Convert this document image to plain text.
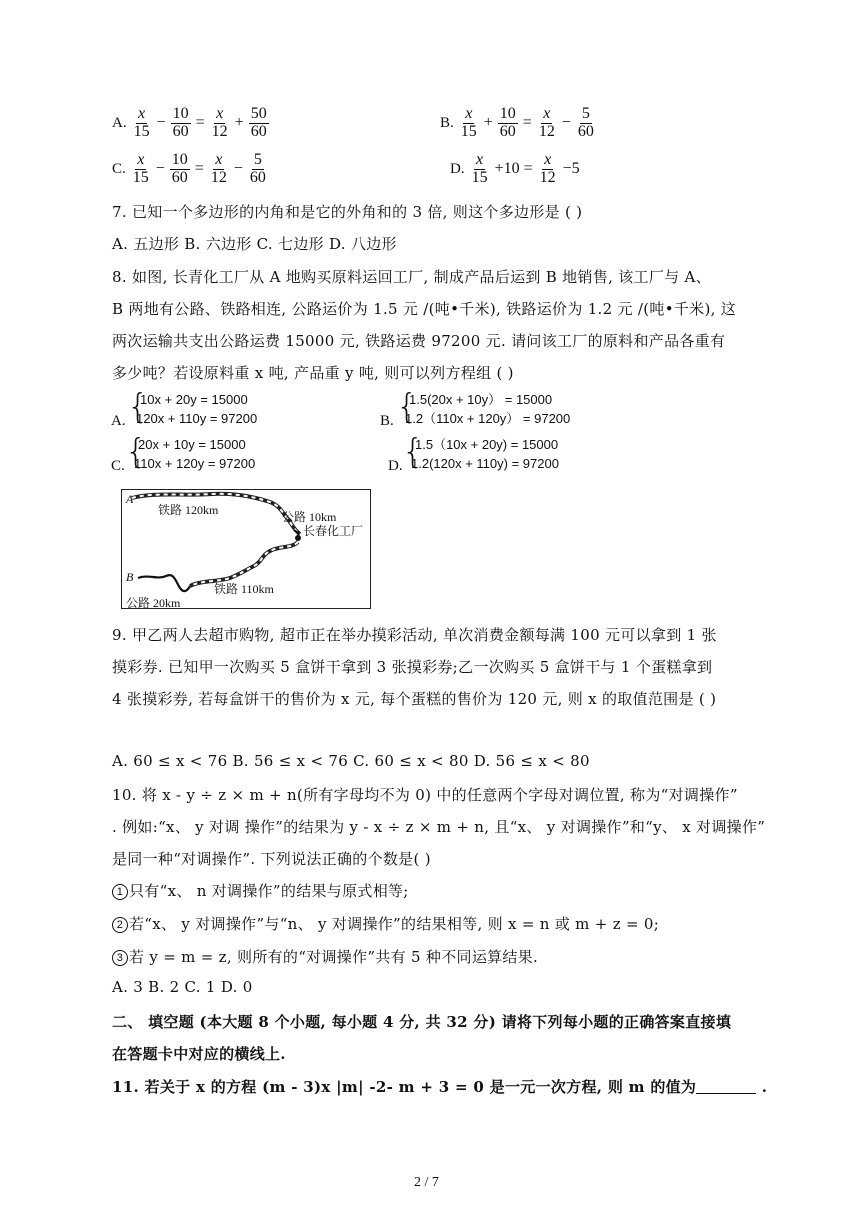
A. $\frac{x}{15} - \frac{10}{60} = \frac{x}{12} + \frac{50}{60}$	B. $\frac{x}{15} + \frac{10}{60} = \frac{x}{12} - \frac{5}{60}$
C. $\frac{x}{15} - \frac{10}{60} = \frac{x}{12} - \frac{5}{60}$	D. $\frac{x}{15} +10 = \frac{x}{12} -5$
7. 已知一个多边形的内角和是它的外角和的 3 倍, 则这个多边形是 ( )
A. 五边形 B. 六边形 C. 七边形 D. 八边形
8. 如图, 长青化工厂从 A 地购买原料运回工厂, 制成产品后运到 B 地销售, 该工厂与 A、
B 两地有公路、铁路相连, 公路运价为 1.5 元 /(吨•千米), 铁路运价为 1.2 元 /(吨•千米), 这
两次运输共支出公路运费 15000 元, 铁路运费 97200 元. 请问该工厂的原料和产品各重有
多少吨？若设原料重 x 吨, 产品重 y 吨, 则可以列方程组 ( )
A. {
10x + 20y = 15000
120x + 110y = 97200	B. {
1.5(20x + 10y） = 15000
1.2（110x + 120y） = 97200
C. {
20x + 10y = 15000
110x + 120y = 97200	D. {
1.5（10x + 20y) = 15000
1.2(120x + 110y) = 97200
A
铁路 120km	公路 10km
长春化工厂
B
铁路 110km
公路 20km
9. 甲乙两人去超市购物, 超市正在举办摸彩活动, 单次消费金额每满 100 元可以拿到 1 张
摸彩券. 已知甲一次购买 5 盒饼干拿到 3 张摸彩券;乙一次购买 5 盒饼干与 1 个蛋糕拿到
4 张摸彩券, 若每盒饼干的售价为 x 元, 每个蛋糕的售价为 120 元, 则 x 的取值范围是 ( )
A. 60 ≤ x < 76 B. 56 ≤ x < 76 C. 60 ≤ x < 80 D. 56 ≤ x < 80
10. 将 x - y ÷ z × m + n(所有字母均不为 0) 中的任意两个字母对调位置, 称为“对调操作”
. 例如:“x、 y 对调 操作”的结果为 y - x ÷ z × m + n, 且“x、 y 对调操作”和“y、 x 对调操作”
是同一种“对调操作”. 下列说法正确的个数是( )
1 只有“x、 n 对调操作”的结果与原式相等;
2 若“x、 y 对调操作”与“n、 y 对调操作”的结果相等, 则 x = n 或 m + z = 0;
3 若 y = m = z, 则所有的“对调操作”共有 5 种不同运算结果.
A. 3 B. 2 C. 1 D. 0
二、 填空题 (本大题 8 个小题, 每小题 4 分, 共 32 分) 请将下列每小题的正确答案直接填
在答题卡中对应的横线上.
11. 若关于 x 的方程 (m - 3)x |m| -2- m + 3 = 0 是一元一次方程, 则 m 的值为	.
2 / 7
